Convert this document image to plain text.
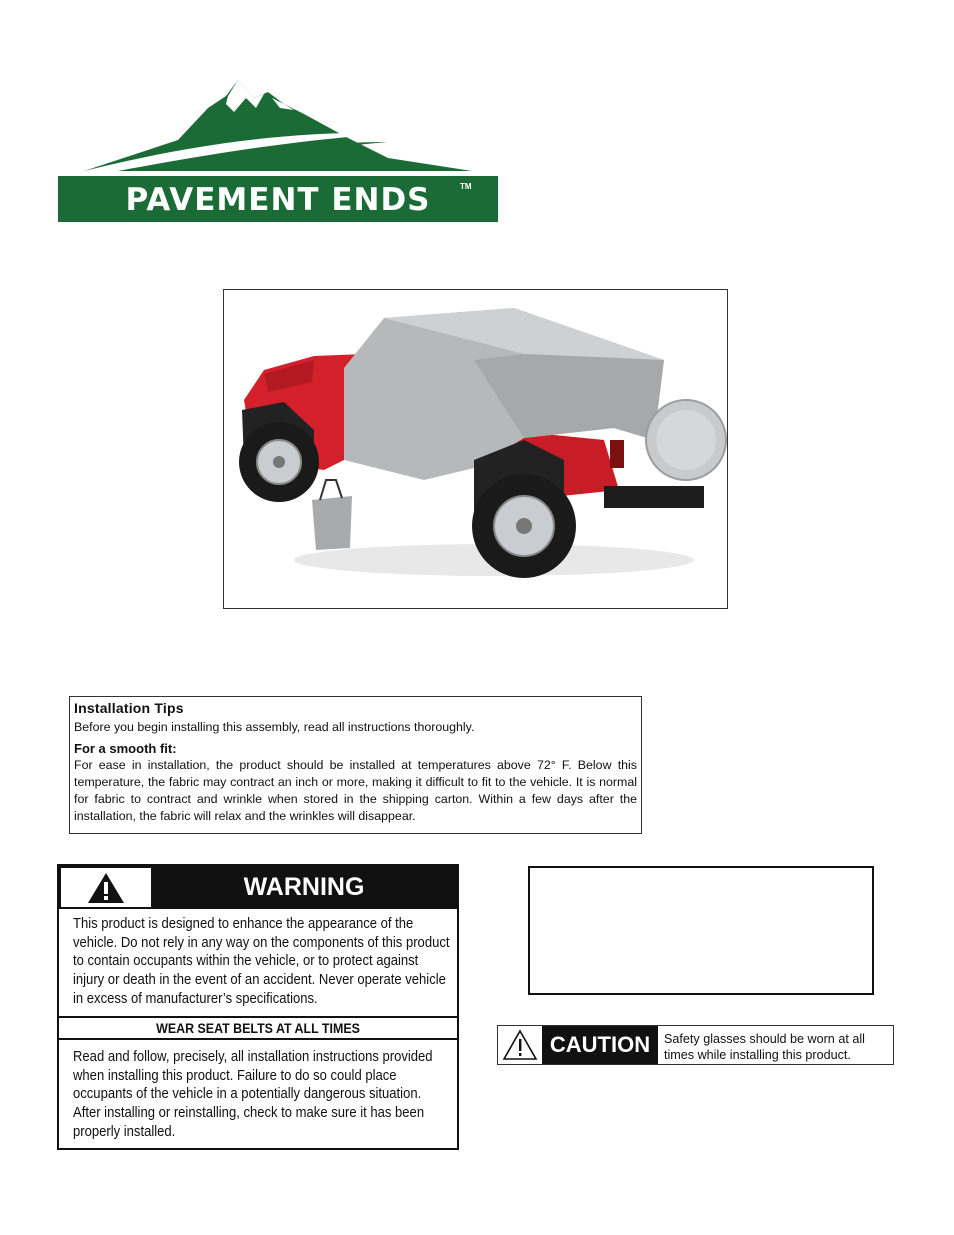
PAVEMENT ENDS	TM

Installation Tips

Before you begin installing this assembly, read all instructions thoroughly.

For a smooth fit:

For ease in installation, the product should be installed at temperatures above 72° F. Below this temperature, the fabric may contract an inch or more, making it difficult to fit to the vehicle. It is normal for fabric to contract and wrinkle when stored in the shipping carton. Within a few days after the installation, the fabric will relax and the wrinkles will disappear.

WARNING
This product is designed to enhance the appearance of the vehicle. Do not rely in any way on the components of this product to contain occupants within the vehicle, or to protect against injury or death in the event of an accident. Never operate vehicle in excess of manufacturer’s specifications.
WEAR SEAT BELTS AT ALL TIMES
Read and follow, precisely, all installation instructions provided when installing this product. Failure to do so could place occupants of the vehicle in a potentially dangerous situation. After installing or reinstalling, check to make sure it has been properly installed.
CAUTION	Safety glasses should be worn at all times while installing this product.
